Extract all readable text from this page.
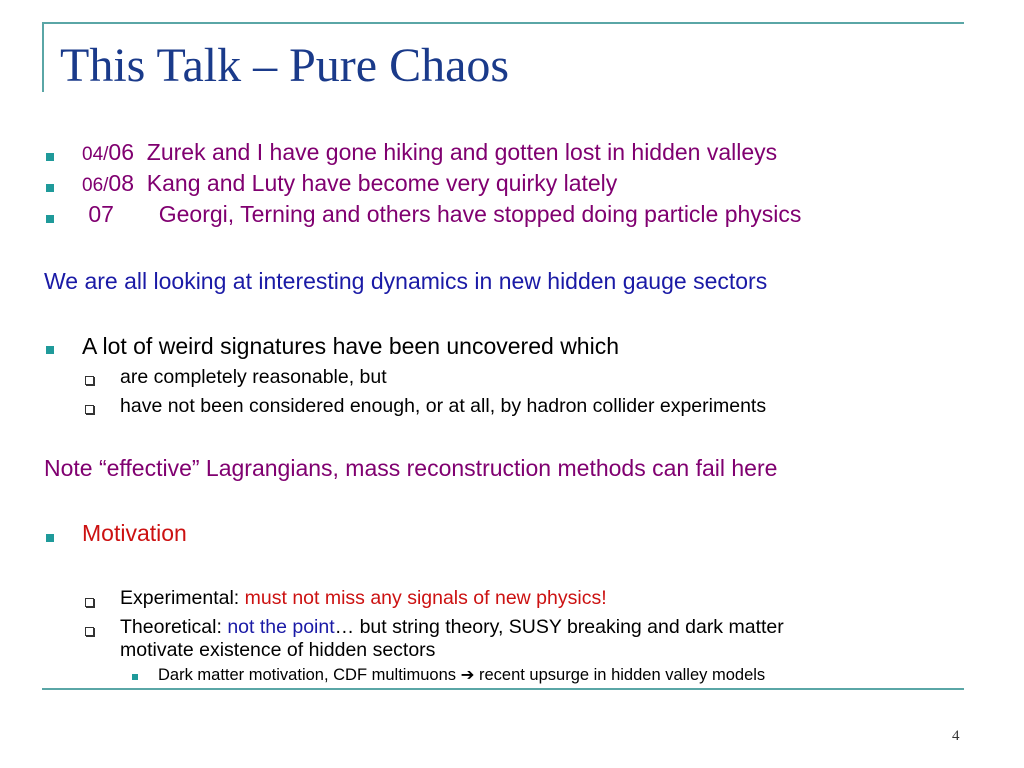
This Talk – Pure Chaos
04/06  Zurek and I have gone hiking and gotten lost in hidden valleys
06/08  Kang and Luty have become very quirky lately
07       Georgi, Terning and others have stopped doing particle physics
We are all looking at interesting dynamics in new hidden gauge sectors
A lot of weird signatures have been uncovered which
are completely reasonable, but
have not been considered enough, or at all, by hadron collider experiments
Note “effective” Lagrangians, mass reconstruction methods can fail here
Motivation
Experimental: must not miss any signals of new physics!
Theoretical: not the point… but string theory, SUSY breaking and dark matter
motivate existence of hidden sectors
Dark matter motivation, CDF multimuons ➔ recent upsurge in hidden valley models
4
